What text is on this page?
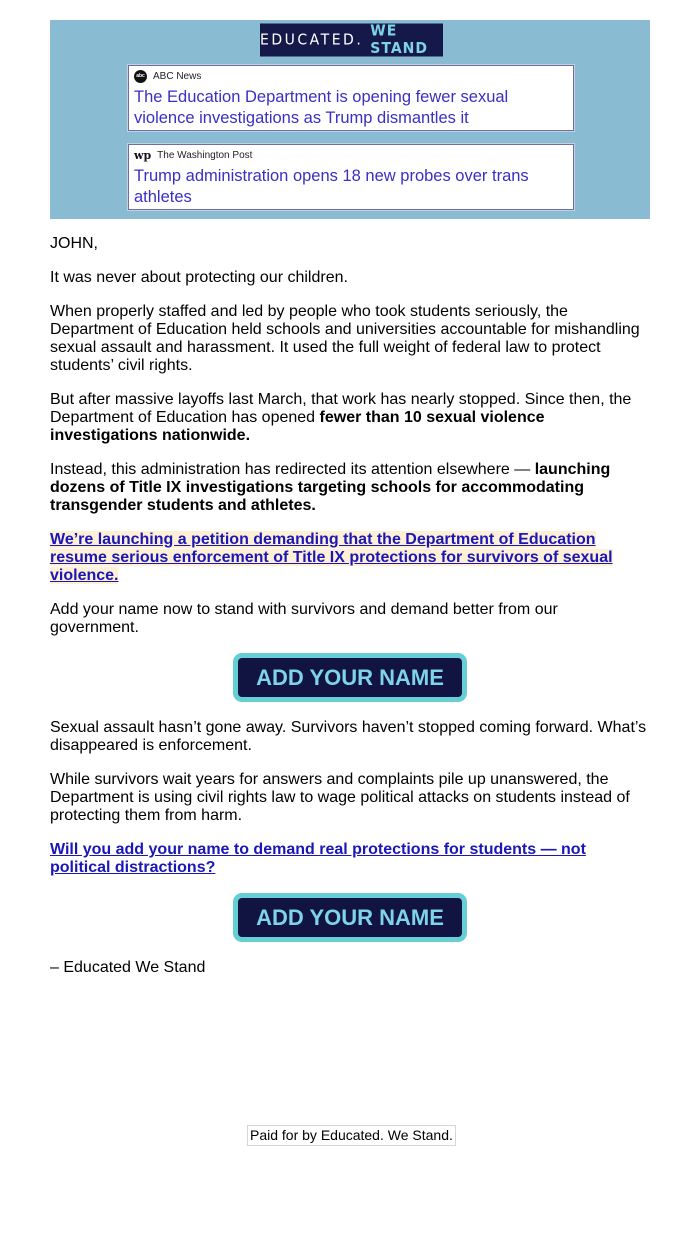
EDUCATED.
WE STAND
abc ABC News
The Education Department is opening fewer sexual violence investigations as Trump dismantles it
wp The Washington Post
Trump administration opens 18 new probes over trans athletes

JOHN,

It was never about protecting our children.

When properly staffed and led by people who took students seriously, the Department of Education held schools and universities accountable for mishandling sexual assault and harassment. It used the full weight of federal law to protect students’ civil rights.

But after massive layoffs last March, that work has nearly stopped. Since then, the Department of Education has opened fewer than 10 sexual violence investigations nationwide.

Instead, this administration has redirected its attention elsewhere — launching dozens of Title IX investigations targeting schools for accommodating transgender students and athletes.

We’re launching a petition demanding that the Department of Education resume serious enforcement of Title IX protections for survivors of sexual violence.

Add your name now to stand with survivors and demand better from our government.

ADD YOUR NAME

Sexual assault hasn’t gone away. Survivors haven’t stopped coming forward. What’s disappeared is enforcement.

While survivors wait years for answers and complaints pile up unanswered, the Department is using civil rights law to wage political attacks on students instead of protecting them from harm.

Will you add your name to demand real protections for students — not political distractions?

ADD YOUR NAME

– Educated We Stand

Paid for by Educated. We Stand.
